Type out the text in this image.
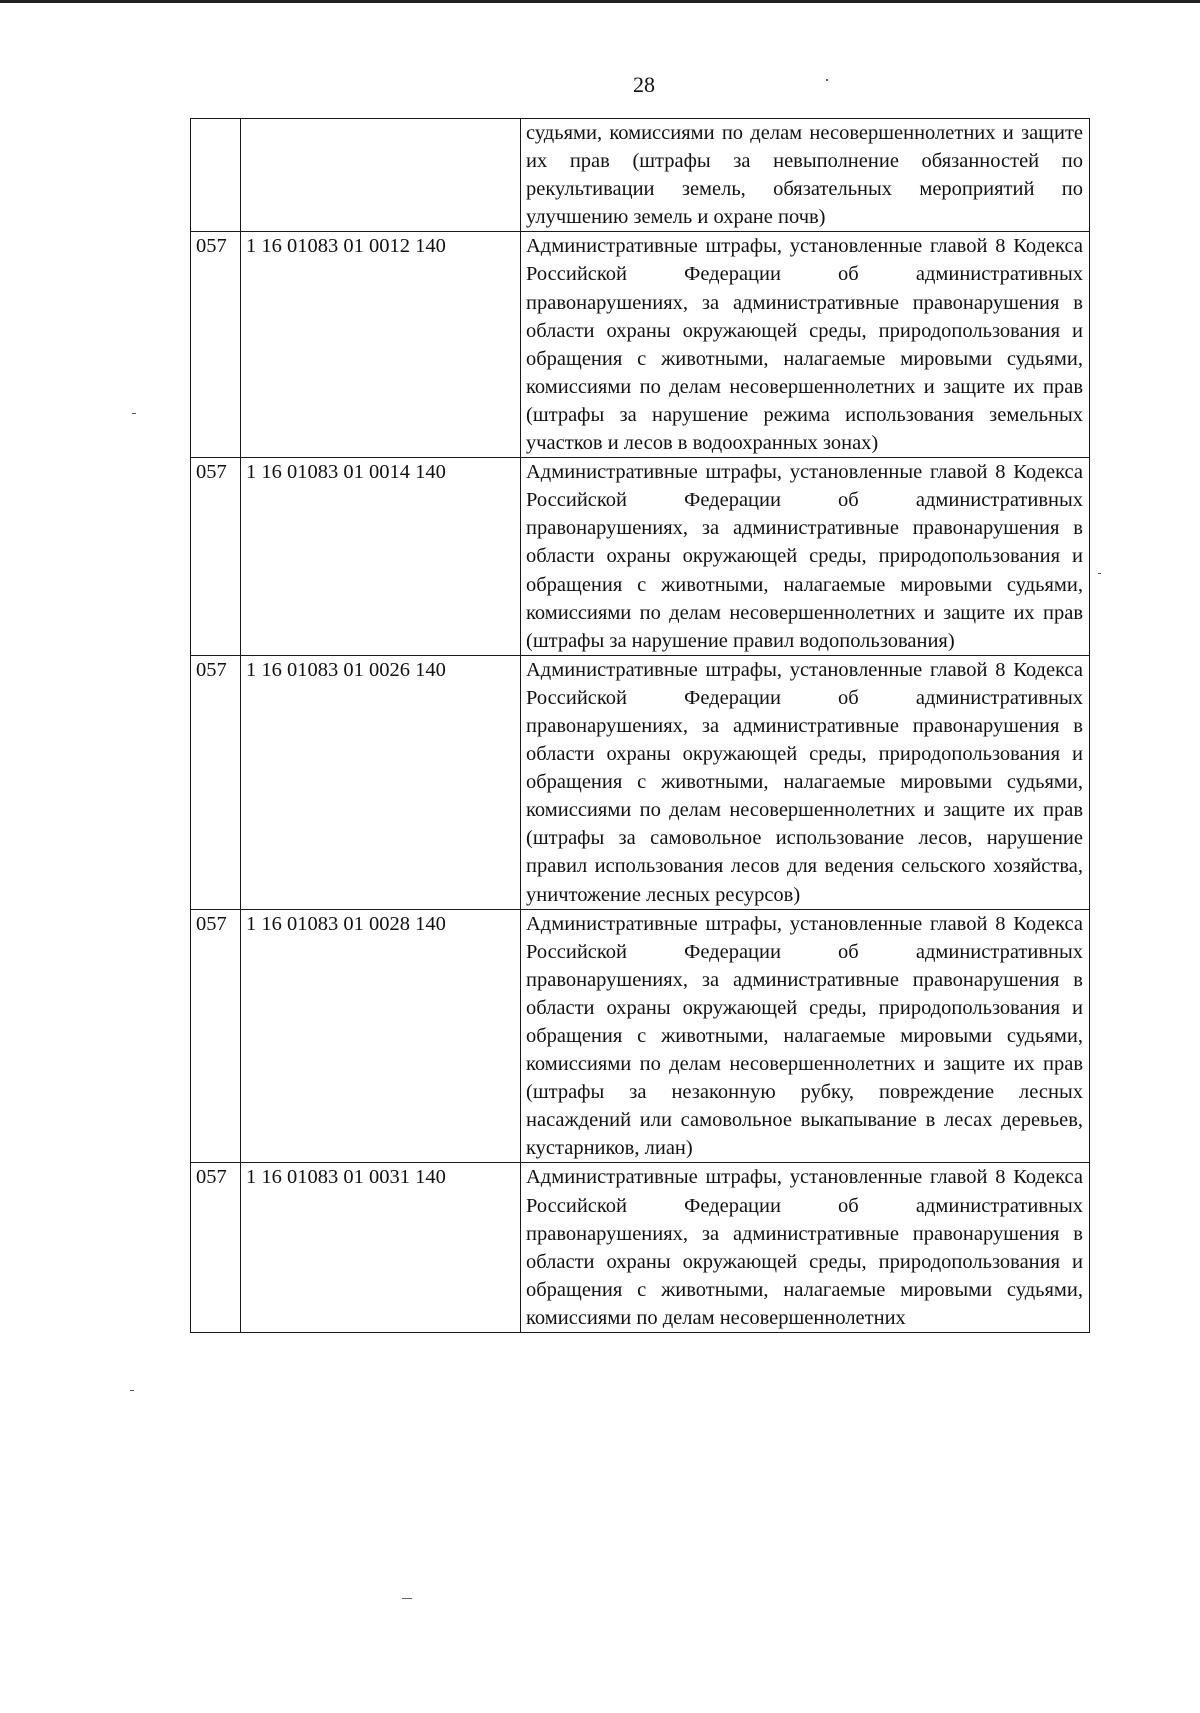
28
		судьями, комиссиями по делам несовершеннолетних и защите их прав (штрафы за невыполнение обязанностей по рекультивации земель, обязательных мероприятий по улучшению земель и охране почв)
057	1 16 01083 01 0012 140	Административные штрафы, установленные главой 8 Кодекса Российской Федерации об административных правонарушениях, за административные правонарушения в области охраны окружающей среды, природопользования и обращения с животными, налагаемые мировыми судьями, комиссиями по делам несовершеннолетних и защите их прав (штрафы за нарушение режима использования земельных участков и лесов в водоохранных зонах)
057	1 16 01083 01 0014 140	Административные штрафы, установленные главой 8 Кодекса Российской Федерации об административных правонарушениях, за административные правонарушения в области охраны окружающей среды, природопользования и обращения с животными, налагаемые мировыми судьями, комиссиями по делам несовершеннолетних и защите их прав (штрафы за нарушение правил водопользования)
057	1 16 01083 01 0026 140	Административные штрафы, установленные главой 8 Кодекса Российской Федерации об административных правонарушениях, за административные правонарушения в области охраны окружающей среды, природопользования и обращения с животными, налагаемые мировыми судьями, комиссиями по делам несовершеннолетних и защите их прав (штрафы за самовольное использование лесов, нарушение правил использования лесов для ведения сельского хозяйства, уничтожение лесных ресурсов)
057	1 16 01083 01 0028 140	Административные штрафы, установленные главой 8 Кодекса Российской Федерации об административных правонарушениях, за административные правонарушения в области охраны окружающей среды, природопользования и обращения с животными, налагаемые мировыми судьями, комиссиями по делам несовершеннолетних и защите их прав (штрафы за незаконную рубку, повреждение лесных насаждений или самовольное выкапывание в лесах деревьев, кустарников, лиан)
057	1 16 01083 01 0031 140	Административные штрафы, установленные главой 8 Кодекса Российской Федерации об административных правонарушениях, за административные правонарушения в области охраны окружающей среды, природопользования и обращения с животными, налагаемые мировыми судьями, комиссиями по делам несовершеннолетних
